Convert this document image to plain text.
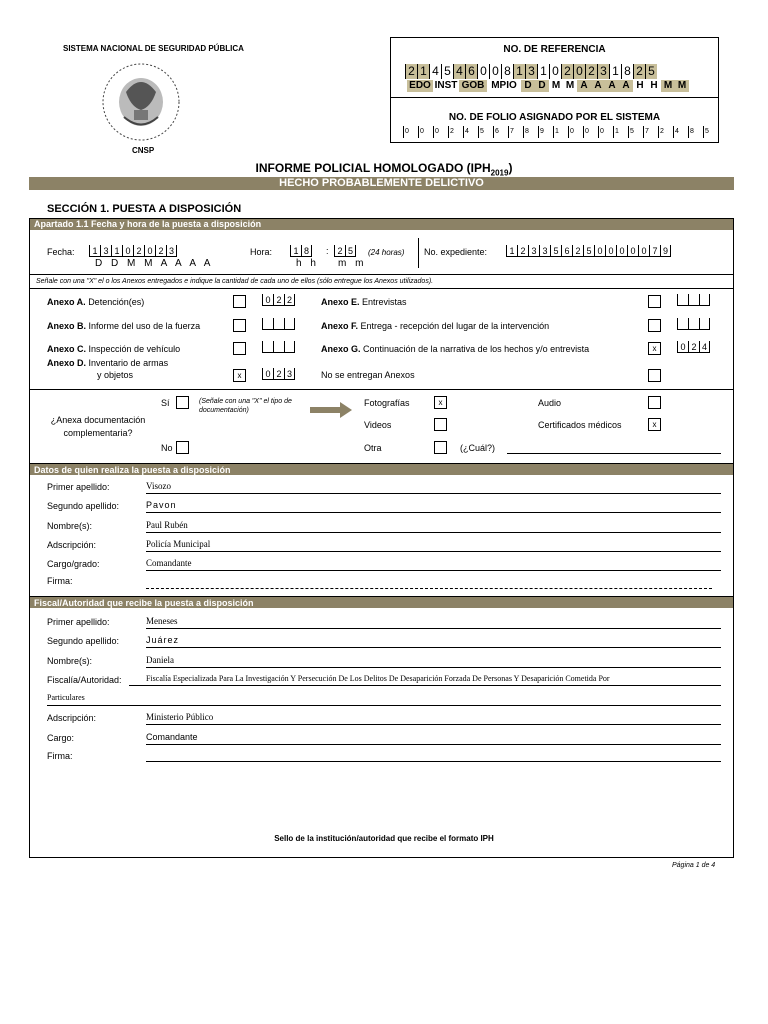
SISTEMA NACIONAL DE SEGURIDAD PÚBLICA
CNSP
NO. DE REFERENCIA
2 1 4 5 4 6 0 0 8 1 3 1 0 2 0 2 3 1 8 2 5
EDO INST GOB MPIO D D M M A A A A H H M M
NO. DE FOLIO ASIGNADO POR EL SISTEMA
0	0	0	2	4	5	6	7	8	9	1	0	0	0	1	5	7	2	4	8	5
INFORME POLICIAL HOMOLOGADO $(IPH_{2019})$
HECHO PROBABLEMENTE DELICTIVO
SECCIÓN 1. PUESTA A DISPOSICIÓN
Apartado 1.1 Fecha y hora de la puesta a disposición
Fecha:	1 3 1 0 2 0 2 3
D D M M A A A A
Hora:	1 8	: 2 5
h h m m
(24 horas) No. expediente:	1 2 3 3 5 6 2 5 0 0 0 0 0 7 9
Señale con una "X" el o los Anexos entregados e indique la cantidad de cada uno de ellos (sólo entregue los Anexos utilizados).
Anexo A. Detención(es)	0 2 2
Anexo B. Informe del uso de la fuerza
Anexo C. Inspección de vehículo
Anexo D. Inventario de armas
y objetos	x	0 2 3
Anexo E. Entrevistas
Anexo F. Entrega - recepción del lugar de la intervención
Anexo G. Continuación de la narrativa de los hechos y/o entrevista	x	0 2 4
No se entregan Anexos
¿Anexa documentación complementaria?
Sí
No
(Señale con una "X" el tipo de documentación)
Fotografías	x
Videos
Otra	(¿Cuál?)
Audio
Certificados médicos	x
Datos de quien realiza la puesta a disposición
Primer apellido:	Visozo
Segundo apellido:	Pavon
Nombre(s):	Paul Rubén
Adscripción:	Policía Municipal
Cargo/grado:	Comandante
Firma:
Fiscal/Autoridad que recibe la puesta a disposición
Primer apellido:	Meneses
Segundo apellido:	Juárez
Nombre(s):	Daniela
Fiscalía/Autoridad:	Fiscalía Especializada Para La Investigación Y Persecución De Los Delitos De Desaparición Forzada De Personas Y Desaparición Cometida Por
Particulares
Adscripción:	Ministerio Público
Cargo:	Comandante
Firma:
Sello de la institución/autoridad que recibe el formato IPH
Página 1 de 4
